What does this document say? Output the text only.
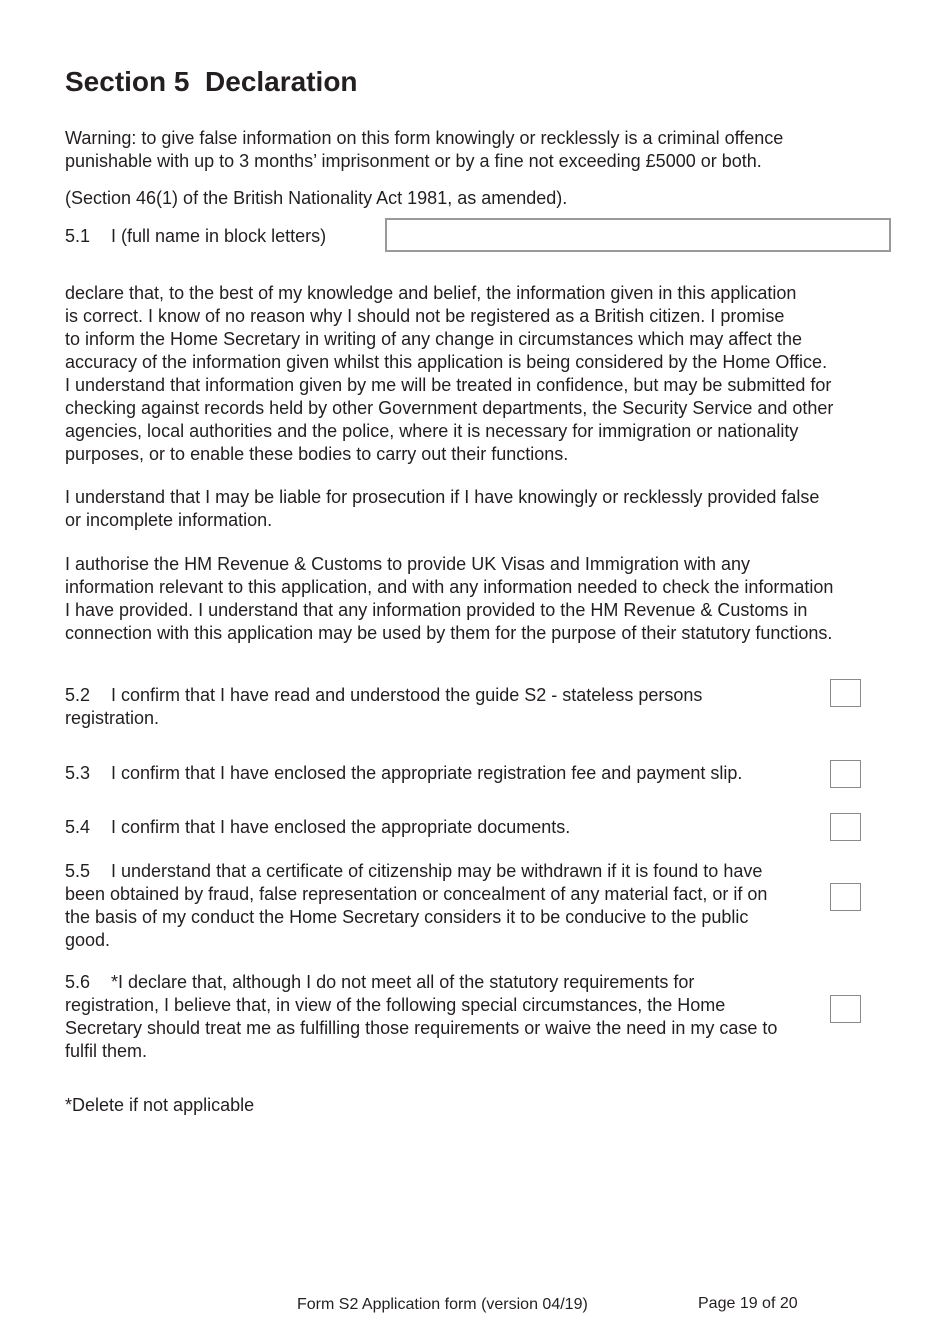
Section 5  Declaration
Warning: to give false information on this form knowingly or recklessly is a criminal offence
punishable with up to 3 months’ imprisonment or by a fine not exceeding £5000 or both.
(Section 46(1) of the British Nationality Act 1981, as amended).
5.1 I (full name in block letters)
declare that, to the best of my knowledge and belief, the information given in this application
is correct. I know of no reason why I should not be registered as a British citizen. I promise
to inform the Home Secretary in writing of any change in circumstances which may affect the
accuracy of the information given whilst this application is being considered by the Home Office.
I understand that information given by me will be treated in confidence, but may be submitted for
checking against records held by other Government departments, the Security Service and other
agencies, local authorities and the police, where it is necessary for immigration or nationality
purposes, or to enable these bodies to carry out their functions.
I understand that I may be liable for prosecution if I have knowingly or recklessly provided false
or incomplete information.
I authorise the HM Revenue & Customs to provide UK Visas and Immigration with any
information relevant to this application, and with any information needed to check the information
I have provided. I understand that any information provided to the HM Revenue & Customs in
connection with this application may be used by them for the purpose of their statutory functions.
5.2 I confirm that I have read and understood the guide S2 - stateless persons
registration.
5.3 I confirm that I have enclosed the appropriate registration fee and payment slip.
5.4 I confirm that I have enclosed the appropriate documents.
5.5 I understand that a certificate of citizenship may be withdrawn if it is found to have
been obtained by fraud, false representation or concealment of any material fact, or if on
the basis of my conduct the Home Secretary considers it to be conducive to the public
good.
5.6 *I declare that, although I do not meet all of the statutory requirements for
registration, I believe that, in view of the following special circumstances, the Home
Secretary should treat me as fulfilling those requirements or waive the need in my case to
fulfil them.
*Delete if not applicable
Form S2 Application form (version 04/19)	Page 19 of 20
